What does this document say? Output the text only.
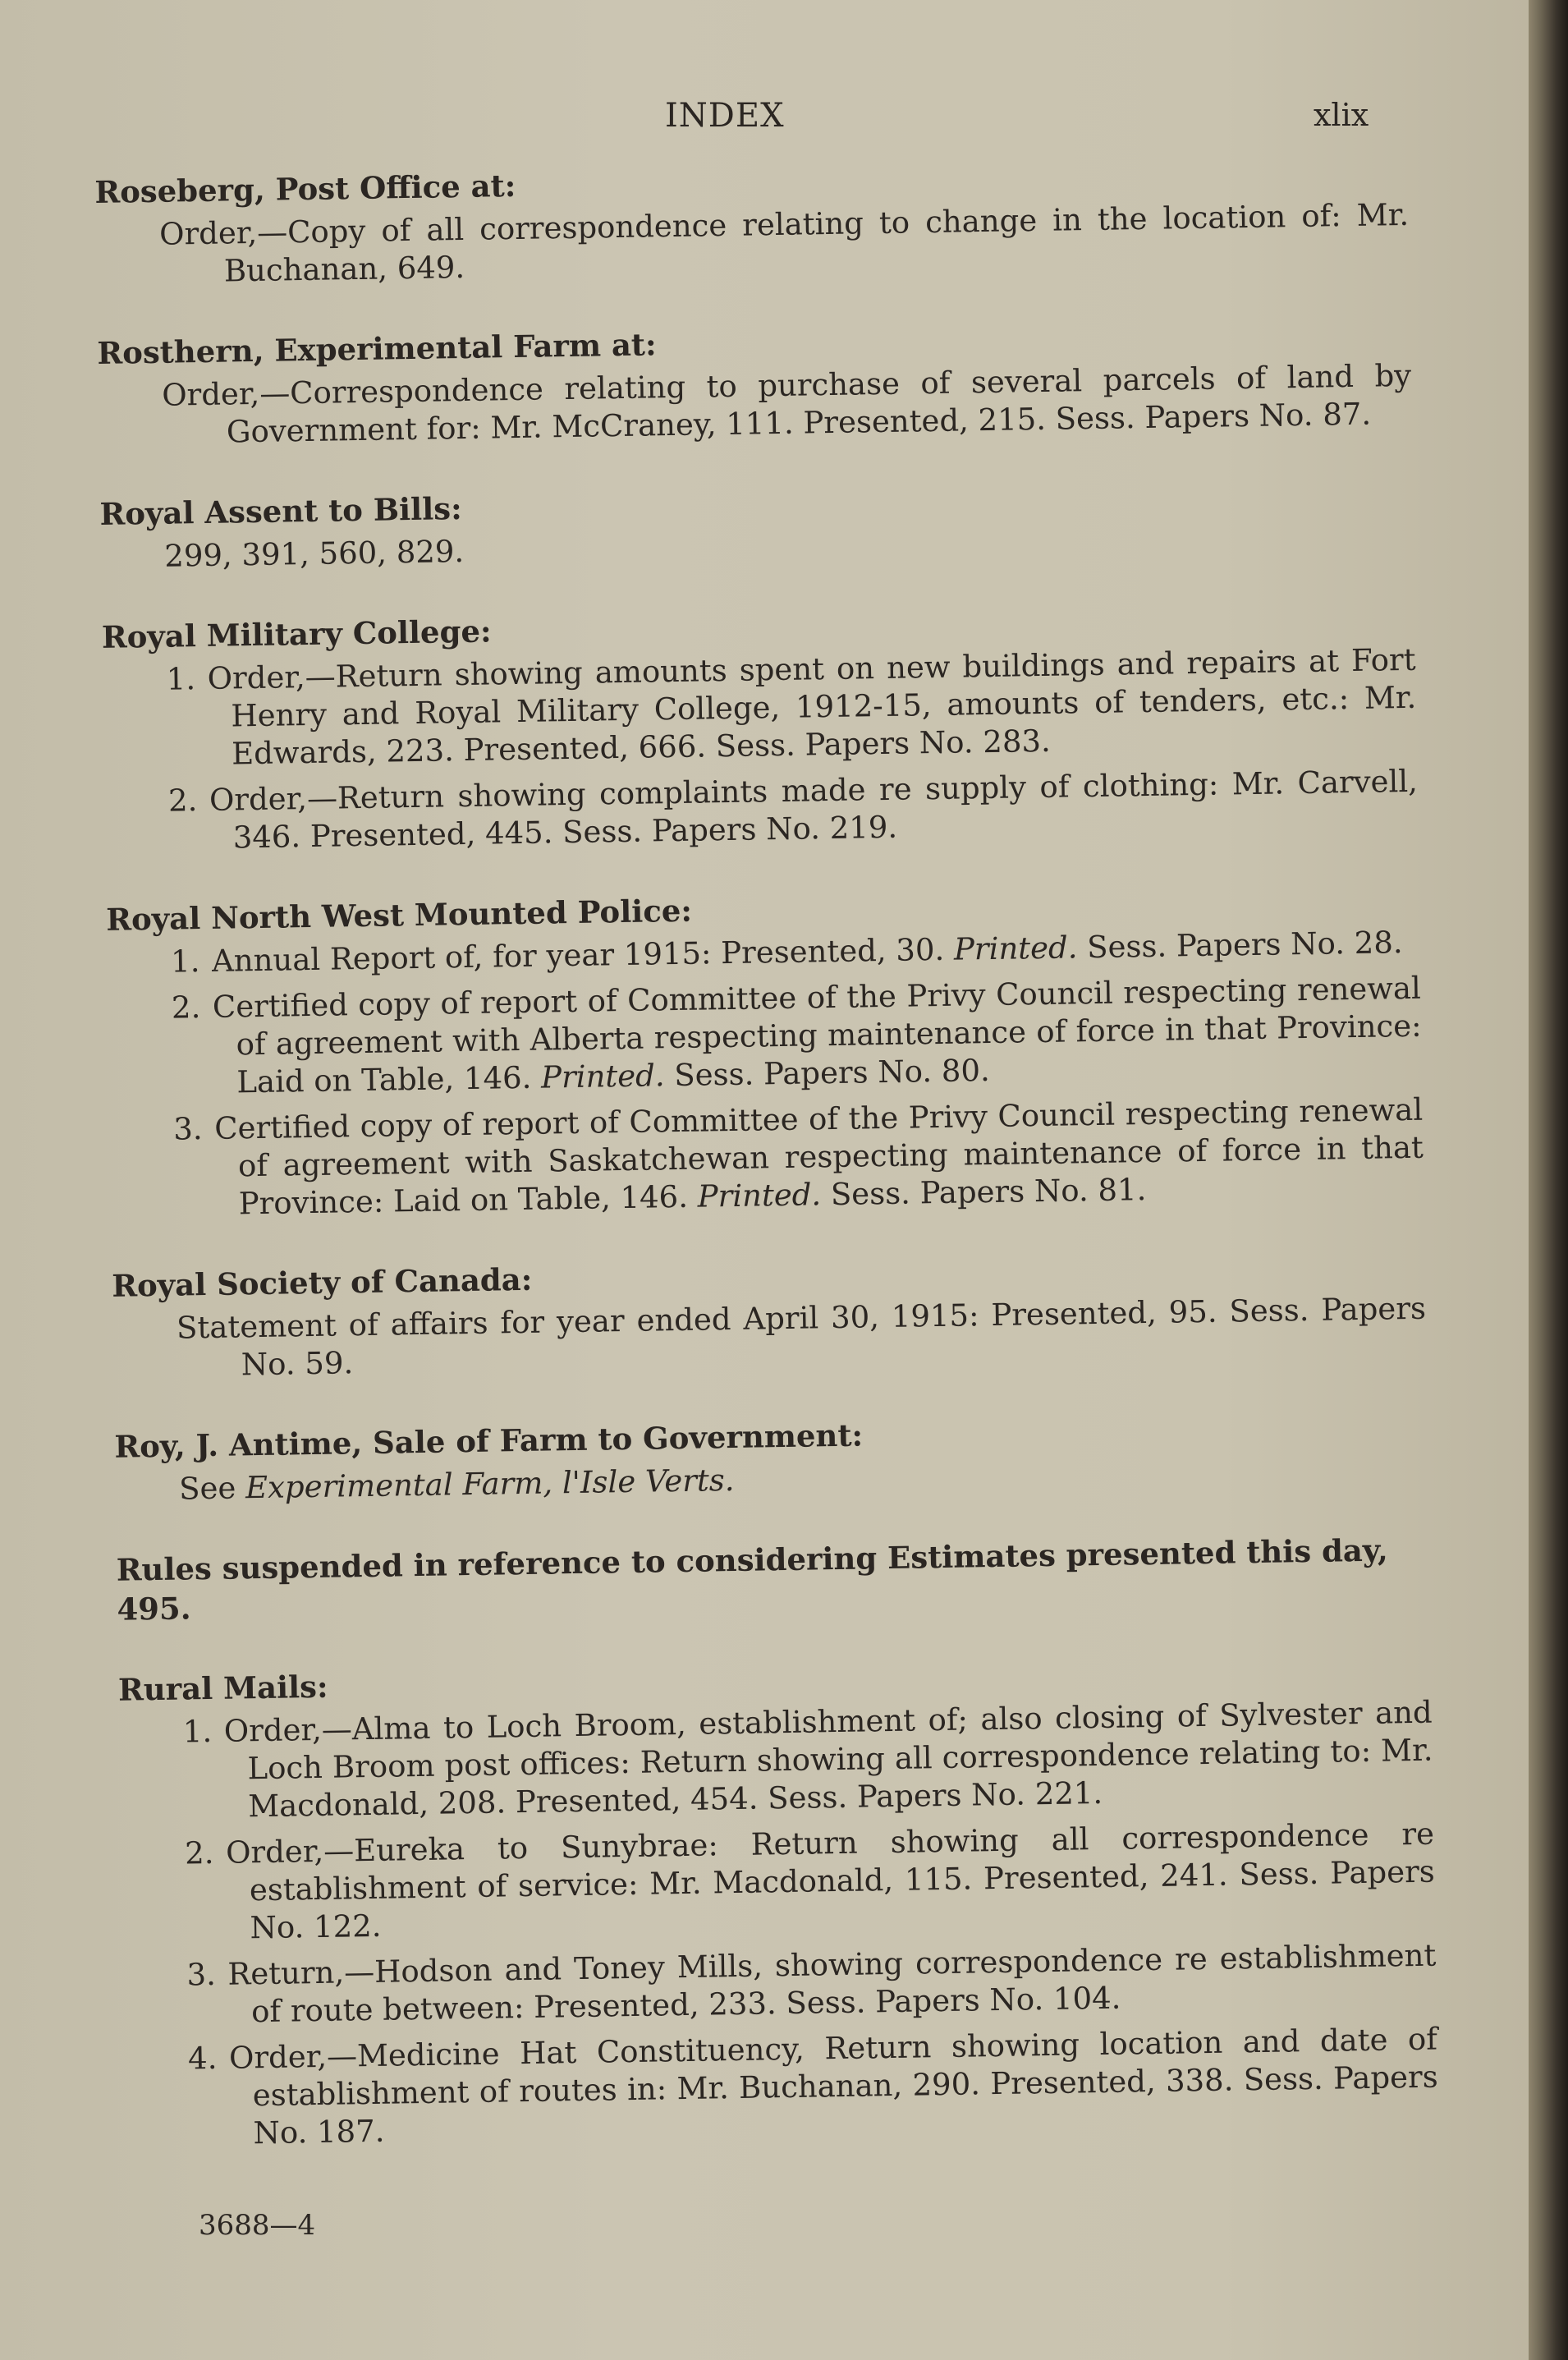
INDEX	xlix
Roseberg, Post Office at:
Order,—Copy of all correspondence relating to change in the location of: Mr. Buchanan, 649.
Rosthern, Experimental Farm at:
Order,—Correspondence relating to purchase of several parcels of land by Government for: Mr. McCraney, 111. Presented, 215. Sess. Papers No. 87.
Royal Assent to Bills:
299, 391, 560, 829.
Royal Military College:
1. Order,—Return showing amounts spent on new buildings and repairs at Fort Henry and Royal Military College, 1912-15, amounts of tenders, etc.: Mr. Edwards, 223. Presented, 666. Sess. Papers No. 283.
2. Order,—Return showing complaints made re supply of clothing: Mr. Carvell, 346. Presented, 445. Sess. Papers No. 219.
Royal North West Mounted Police:
1. Annual Report of, for year 1915: Presented, 30. Printed. Sess. Papers No. 28.
2. Certified copy of report of Committee of the Privy Council respecting renewal of agreement with Alberta respecting maintenance of force in that Province: Laid on Table, 146. Printed. Sess. Papers No. 80.
3. Certified copy of report of Committee of the Privy Council respecting renewal of agreement with Saskatchewan respecting maintenance of force in that Province: Laid on Table, 146. Printed. Sess. Papers No. 81.
Royal Society of Canada:
Statement of affairs for year ended April 30, 1915: Presented, 95. Sess. Papers No. 59.
Roy, J. Antime, Sale of Farm to Government:
See Experimental Farm, l'Isle Verts.
Rules suspended in reference to considering Estimates presented this day, 495.
Rural Mails:
1. Order,—Alma to Loch Broom, establishment of; also closing of Sylvester and Loch Broom post offices: Return showing all correspondence relating to: Mr. Macdonald, 208. Presented, 454. Sess. Papers No. 221.
2. Order,—Eureka to Sunybrae: Return showing all correspondence re establishment of service: Mr. Macdonald, 115. Presented, 241. Sess. Papers No. 122.
3. Return,—Hodson and Toney Mills, showing correspondence re establishment of route between: Presented, 233. Sess. Papers No. 104.
4. Order,—Medicine Hat Constituency, Return showing location and date of establishment of routes in: Mr. Buchanan, 290. Presented, 338. Sess. Papers No. 187.
3688—4
